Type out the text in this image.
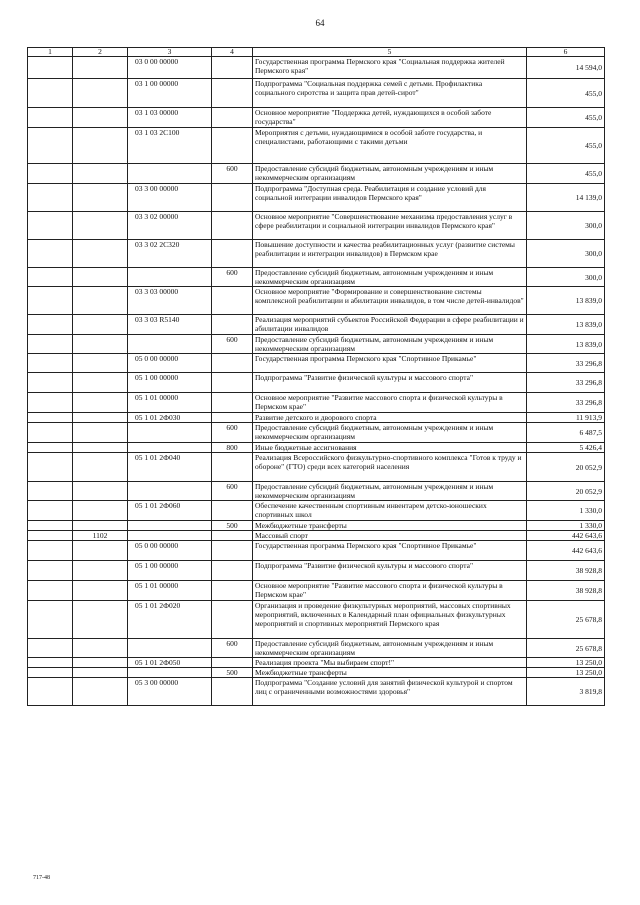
64
1	2	3	4	5	6
		03 0 00 00000		Государственная программа Пермского края "Социальная поддержка жителей Пермского края"	14 594,0
		03 1 00 00000		Подпрограмма "Социальная поддержка семей с детьми. Профилактика социального сиротства и защита прав детей-сирот"	455,0
		03 1 03 00000		Основное мероприятие "Поддержка детей, нуждающихся в особой заботе государства"	455,0
		03 1 03 2С100		Мероприятия с детьми, нуждающимися в особой заботе государства, и специалистами, работающими с такими детьми	455,0
			600	Предоставление субсидий бюджетным, автономным учреждениям и иным некоммерческим организациям	455,0
		03 3 00 00000		Подпрограмма "Доступная среда. Реабилитация и создание условий для социальной интеграции инвалидов Пермского края"	14 139,0
		03 3 02 00000		Основное мероприятие "Совершенствование механизма предоставления услуг в сфере реабилитации и социальной интеграции инвалидов Пермского края"	300,0
		03 3 02 2С320		Повышение доступности и качества реабилитационных услуг (развитие системы реабилитации и интеграции инвалидов) в Пермском крае	300,0
			600	Предоставление субсидий бюджетным, автономным учреждениям и иным некоммерческим организациям	300,0
		03 3 03 00000		Основное мероприятие "Формирование и совершенствование системы комплексной реабилитации и абилитации инвалидов, в том числе детей-инвалидов"	13 839,0
		03 3 03 R5140		Реализация мероприятий субъектов Российской Федерации в сфере реабилитации и абилитации инвалидов	13 839,0
			600	Предоставление субсидий бюджетным, автономным учреждениям и иным некоммерческим организациям	13 839,0
		05 0 00 00000		Государственная программа Пермского края "Спортивное Прикамье"	33 296,8
		05 1 00 00000		Подпрограмма "Развитие физической культуры и массового спорта"	33 296,8
		05 1 01 00000		Основное мероприятие "Развитие массового спорта и физической культуры в Пермском крае"	33 296,8
		05 1 01 2Ф030		Развитие детского и дворового спорта	11 913,9
			600	Предоставление субсидий бюджетным, автономным учреждениям и иным некоммерческим организациям	6 487,5
			800	Иные бюджетные ассигнования	5 426,4
		05 1 01 2Ф040		Реализация Всероссийского физкультурно-спортивного комплекса "Готов к труду и обороне" (ГТО) среди всех категорий населения	20 052,9
			600	Предоставление субсидий бюджетным, автономным учреждениям и иным некоммерческим организациям	20 052,9
		05 1 01 2Ф060		Обеспечение качественным спортивным инвентарем детско-юношеских спортивных школ	1 330,0
			500	Межбюджетные трансферты	1 330,0
	1102			Массовый спорт	442 643,6
		05 0 00 00000		Государственная программа Пермского края "Спортивное Прикамье"	442 643,6
		05 1 00 00000		Подпрограмма "Развитие физической культуры и массового спорта"	38 928,8
		05 1 01 00000		Основное мероприятие "Развитие массового спорта и физической культуры в Пермском крае"	38 928,8
		05 1 01 2Ф020		Организация и проведение физкультурных мероприятий, массовых спортивных мероприятий, включенных в Календарный план официальных физкультурных мероприятий и спортивных мероприятий Пермского края	25 678,8
			600	Предоставление субсидий бюджетным, автономным учреждениям и иным некоммерческим организациям	25 678,8
		05 1 01 2Ф050		Реализация проекта "Мы выбираем спорт!"	13 250,0
			500	Межбюджетные трансферты	13 250,0
		05 3 00 00000		Подпрограмма "Создание условий для занятий физической культурой и спортом лиц с ограниченными возможностями здоровья"	3 819,8
717-48
